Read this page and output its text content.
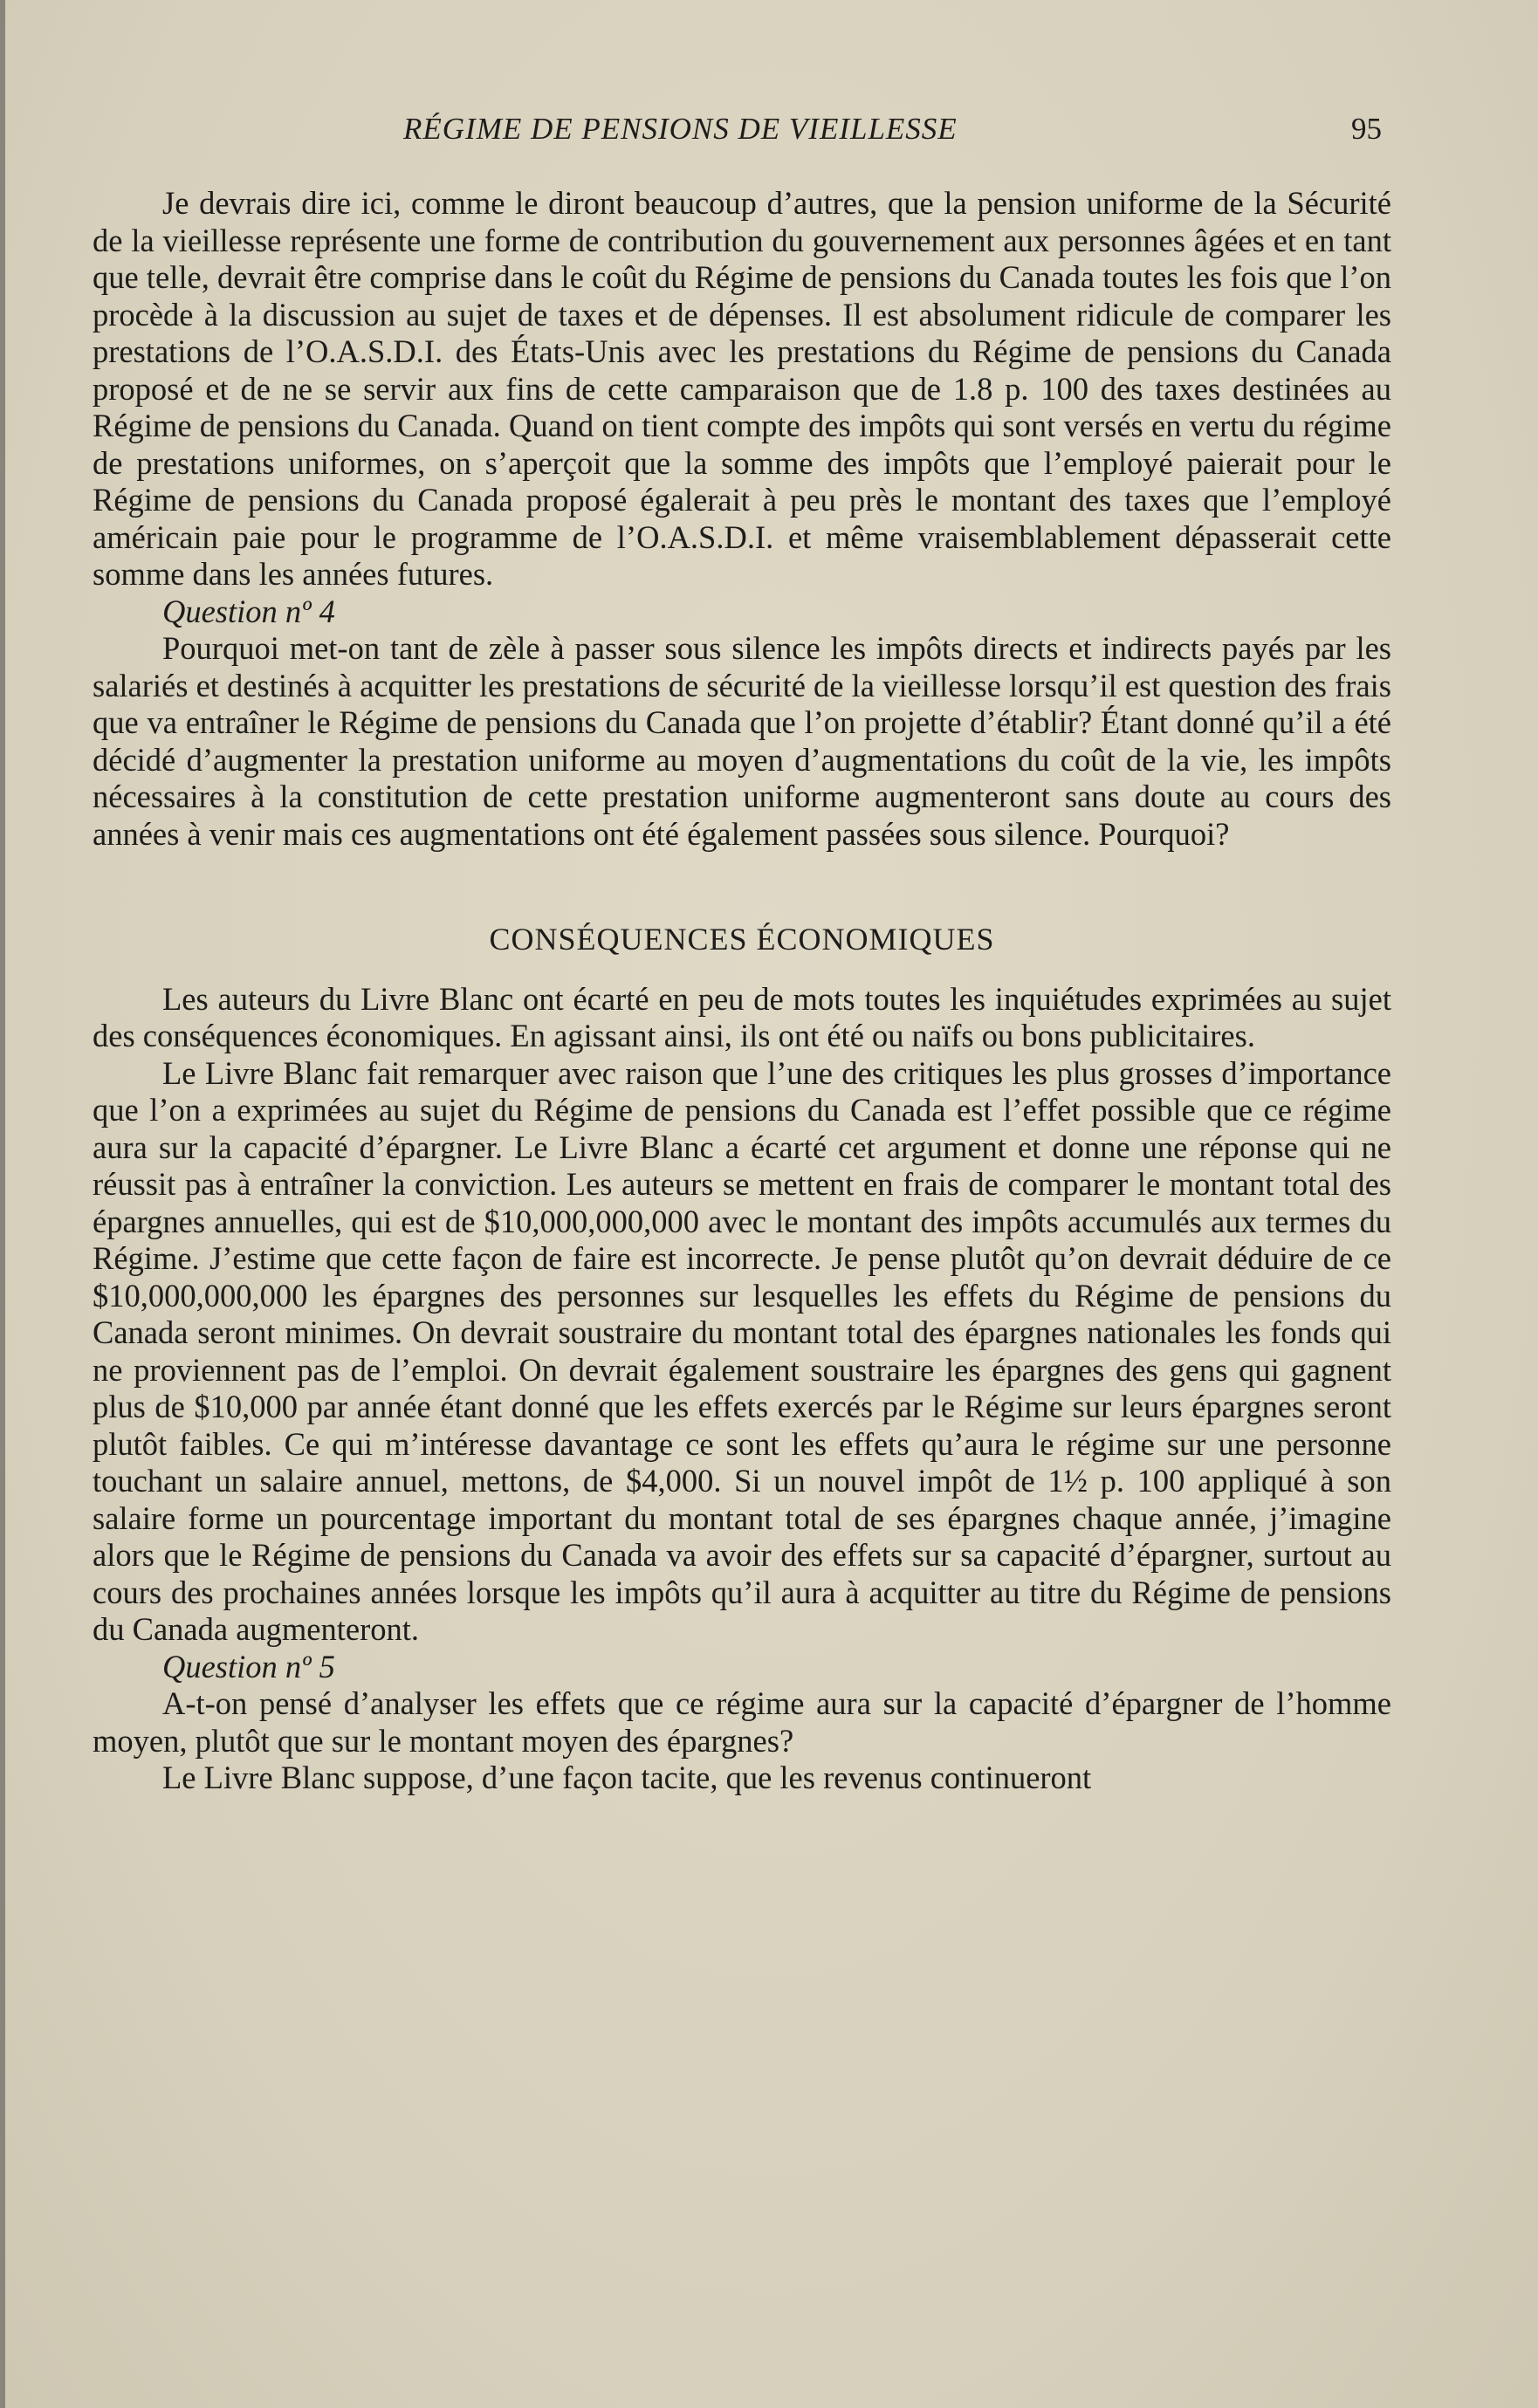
RÉGIME DE PENSIONS DE VIEILLESSE	95

Je devrais dire ici, comme le diront beaucoup d’autres, que la pension uniforme de la Sécurité de la vieillesse représente une forme de contribution du gouvernement aux personnes âgées et en tant que telle, devrait être comprise dans le coût du Régime de pensions du Canada toutes les fois que l’on procède à la discussion au sujet de taxes et de dépenses. Il est absolument ridicule de comparer les prestations de l’O.A.S.D.I. des États-Unis avec les prestations du Régime de pensions du Canada proposé et de ne se servir aux fins de cette camparaison que de 1.8 p. 100 des taxes destinées au Régime de pensions du Canada. Quand on tient compte des impôts qui sont versés en vertu du régime de prestations uniformes, on s’aperçoit que la somme des impôts que l’employé paierait pour le Régime de pensions du Canada proposé égalerait à peu près le montant des taxes que l’employé américain paie pour le programme de l’O.A.S.D.I. et même vraisemblablement dépasserait cette somme dans les années futures.

Question nº 4

Pourquoi met-on tant de zèle à passer sous silence les impôts directs et indirects payés par les salariés et destinés à acquitter les prestations de sécurité de la vieillesse lorsqu’il est question des frais que va entraîner le Régime de pensions du Canada que l’on projette d’établir? Étant donné qu’il a été décidé d’augmenter la prestation uniforme au moyen d’augmentations du coût de la vie, les impôts nécessaires à la constitution de cette prestation uniforme augmenteront sans doute au cours des années à venir mais ces augmentations ont été également passées sous silence. Pourquoi?

CONSÉQUENCES ÉCONOMIQUES

Les auteurs du Livre Blanc ont écarté en peu de mots toutes les inquiétudes exprimées au sujet des conséquences économiques. En agissant ainsi, ils ont été ou naïfs ou bons publicitaires.

Le Livre Blanc fait remarquer avec raison que l’une des critiques les plus grosses d’importance que l’on a exprimées au sujet du Régime de pensions du Canada est l’effet possible que ce régime aura sur la capacité d’épargner. Le Livre Blanc a écarté cet argument et donne une réponse qui ne réussit pas à entraîner la conviction. Les auteurs se mettent en frais de comparer le montant total des épargnes annuelles, qui est de $10,000,000,000 avec le montant des impôts accumulés aux termes du Régime. J’estime que cette façon de faire est incorrecte. Je pense plutôt qu’on devrait déduire de ce $10,000,000,000 les épargnes des personnes sur lesquelles les effets du Régime de pensions du Canada seront minimes. On devrait soustraire du montant total des épargnes nationales les fonds qui ne proviennent pas de l’emploi. On devrait également soustraire les épargnes des gens qui gagnent plus de $10,000 par année étant donné que les effets exercés par le Régime sur leurs épargnes seront plutôt faibles. Ce qui m’intéresse davantage ce sont les effets qu’aura le régime sur une personne touchant un salaire annuel, mettons, de $4,000. Si un nouvel impôt de 1½ p. 100 appliqué à son salaire forme un pourcentage important du montant total de ses épargnes chaque année, j’imagine alors que le Régime de pensions du Canada va avoir des effets sur sa capacité d’épargner, surtout au cours des prochaines années lorsque les impôts qu’il aura à acquitter au titre du Régime de pensions du Canada augmenteront.

Question nº 5

A-t-on pensé d’analyser les effets que ce régime aura sur la capacité d’épargner de l’homme moyen, plutôt que sur le montant moyen des épargnes?

Le Livre Blanc suppose, d’une façon tacite, que les revenus continueront
